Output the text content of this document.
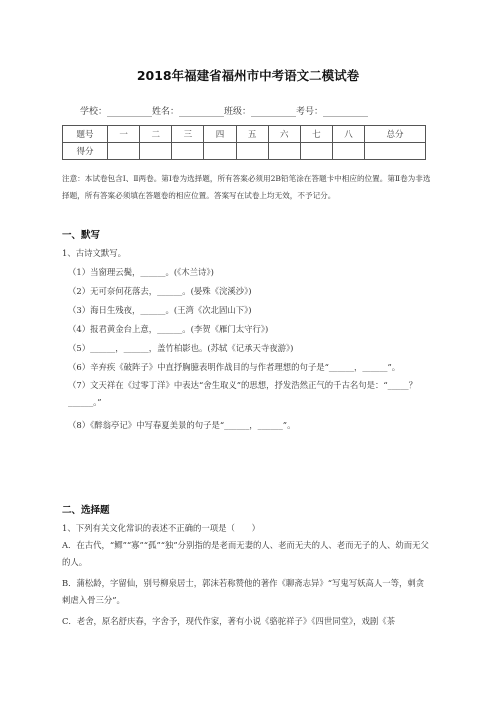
2018年福建省福州市中考语文二模试卷
学校：__________姓名：__________班级：__________考号：__________
题号	一	二	三	四	五	六	七	八	总分
得分									
注意：本试卷包含Ⅰ、Ⅱ两卷。第Ⅰ卷为选择题，所有答案必须用2B铅笔涂在答题卡中相应的位置。第Ⅱ卷为非选择题，所有答案必须填在答题卷的相应位置。答案写在试卷上均无效，不予记分。
一、默写
1、古诗文默写。
（1）当窗理云鬓，______。(《木兰诗》)
（2）无可奈何花落去，______。(晏殊《浣溪沙》)
（3）海日生残夜，______。(王湾《次北固山下》)
（4）报君黄金台上意，______。(李贺《雁门太守行》)
（5）______，______，盖竹柏影也。(苏轼《记承天寺夜游》)
（6）辛弃疾《破阵子》中直抒胸臆表明作战目的与作者理想的句子是“______，______”。
（7）文天祥在《过零丁洋》中表达“舍生取义”的思想，抒发浩然正气的千古名句是：“_____？______。”
（8）《醉翁亭记》中写春夏美景的句子是“______，______”。
二、选择题
1、下列有关文化常识的表述不正确的一项是（　　）
A．在古代，“鳏”“寡”“孤”“独”分别指的是老而无妻的人、老而无夫的人、老而无子的人、幼而无父的人。
B．蒲松龄，字留仙，别号柳泉居士，郭沫若称赞他的著作《聊斋志异》“写鬼写妖高人一等，刺贪刺虐入骨三分”。
C．老舍，原名舒庆春，字舍予，现代作家，著有小说《骆驼祥子》《四世同堂》，戏剧《茶
